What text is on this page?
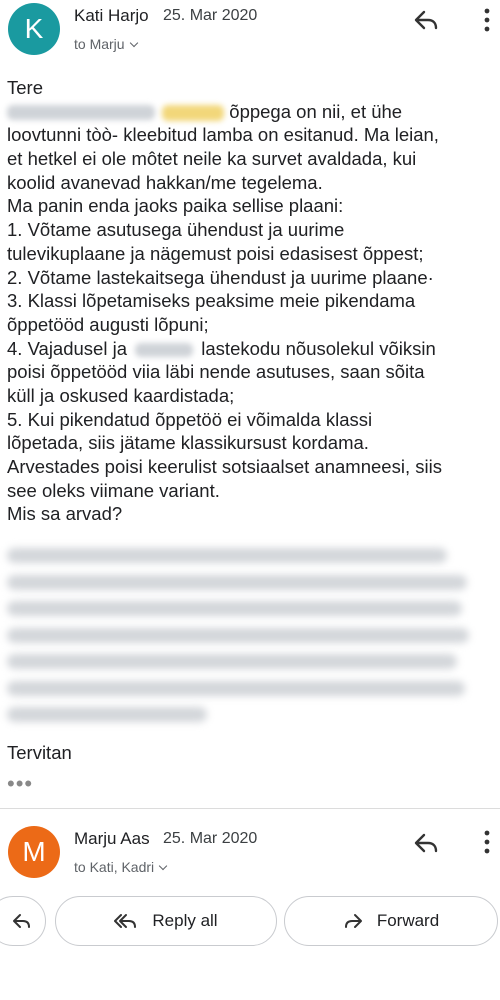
K Kati Harjo 25. Mar 2020
to Marju
Tere
õppega on nii, et ühe
loovtunni tòò- kleebitud lamba on esitanud. Ma leian,
et hetkel ei ole môtet neile ka survet avaldada, kui
koolid avanevad hakkan/me tegelema.
Ma panin enda jaoks paika sellise plaani:
1. Võtame asutusega ühendust ja uurime
tulevikuplaane ja nägemust poisi edasisest õppest;
2. Võtame lastekaitsega ühendust ja uurime plaane·
3. Klassi lõpetamiseks peaksime meie pikendama
õppetööd augusti lõpuni;
4. Vajadusel ja	lastekodu nõusolekul võiksin
poisi õppetööd viia läbi nende asutuses, saan sõita
küll ja oskused kaardistada;
5. Kui pikendatud õppetöö ei võimalda klassi
lõpetada, siis jätame klassikursust kordama.
Arvestades poisi keerulist sotsiaalset anamneesi, siis
see oleks viimane variant.
Mis sa arvad?
Tervitan
•••
M Marju Aas 25. Mar 2020
to Kati, Kadri
Reply all	Forward
